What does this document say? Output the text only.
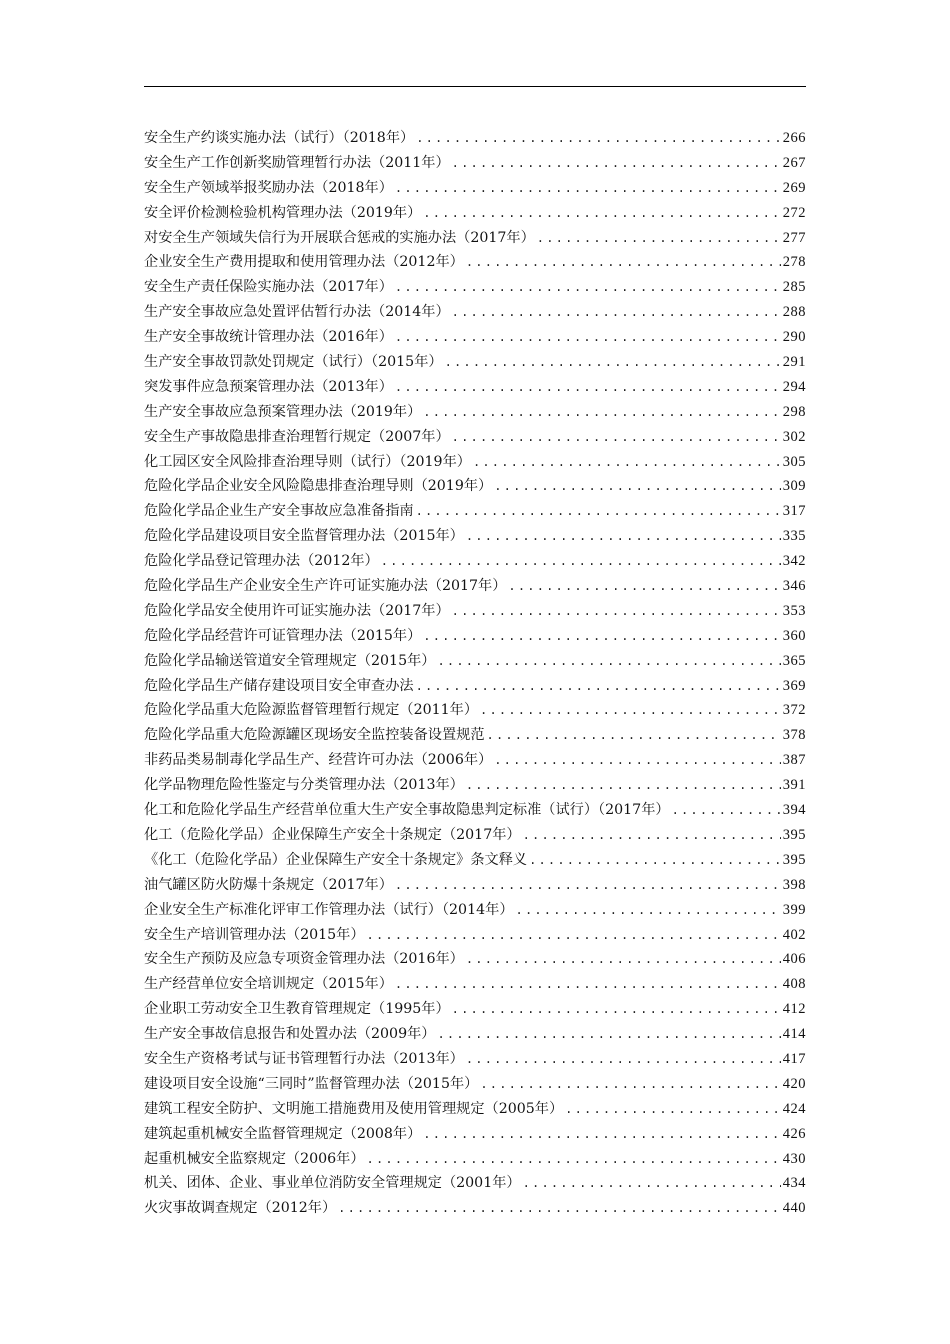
安全生产约谈实施办法（试行）（2018年） .....	266
安全生产工作创新奖励管理暂行办法（2011年） .....	267
安全生产领域举报奖励办法（2018年） .....	269
安全评价检测检验机构管理办法（2019年） .....	272
对安全生产领域失信行为开展联合惩戒的实施办法（2017年） .....	277
企业安全生产费用提取和使用管理办法（2012年） .....	278
安全生产责任保险实施办法（2017年） .....	285
生产安全事故应急处置评估暂行办法（2014年） .....	288
生产安全事故统计管理办法（2016年） .....	290
生产安全事故罚款处罚规定（试行）（2015年） .....	291
突发事件应急预案管理办法（2013年） .....	294
生产安全事故应急预案管理办法（2019年） .....	298
安全生产事故隐患排查治理暂行规定（2007年） .....	302
化工园区安全风险排查治理导则（试行）（2019年） .....	305
危险化学品企业安全风险隐患排查治理导则（2019年） .....	309
危险化学品企业生产安全事故应急准备指南 .....	317
危险化学品建设项目安全监督管理办法（2015年） .....	335
危险化学品登记管理办法（2012年） .....	342
危险化学品生产企业安全生产许可证实施办法（2017年） .....	346
危险化学品安全使用许可证实施办法（2017年） .....	353
危险化学品经营许可证管理办法（2015年） .....	360
危险化学品输送管道安全管理规定（2015年） .....	365
危险化学品生产储存建设项目安全审查办法 .....	369
危险化学品重大危险源监督管理暂行规定（2011年） .....	372
危险化学品重大危险源罐区现场安全监控装备设置规范 .....	378
非药品类易制毒化学品生产、经营许可办法（2006年） .....	387
化学品物理危险性鉴定与分类管理办法（2013年） .....	391
化工和危险化学品生产经营单位重大生产安全事故隐患判定标准（试行）（2017年） .....	394
化工（危险化学品）企业保障生产安全十条规定（2017年） .....	395
《化工（危险化学品）企业保障生产安全十条规定》条文释义 .....	395
油气罐区防火防爆十条规定（2017年） .....	398
企业安全生产标准化评审工作管理办法（试行）（2014年） .....	399
安全生产培训管理办法（2015年） .....	402
安全生产预防及应急专项资金管理办法（2016年） .....	406
生产经营单位安全培训规定（2015年） .....	408
企业职工劳动安全卫生教育管理规定（1995年） .....	412
生产安全事故信息报告和处置办法（2009年） .....	414
安全生产资格考试与证书管理暂行办法（2013年） .....	417
建设项目安全设施“三同时”监督管理办法（2015年） .....	420
建筑工程安全防护、文明施工措施费用及使用管理规定（2005年） .....	424
建筑起重机械安全监督管理规定（2008年） .....	426
起重机械安全监察规定（2006年） .....	430
机关、团体、企业、事业单位消防安全管理规定（2001年） .....	434
火灾事故调查规定（2012年） .....	440
